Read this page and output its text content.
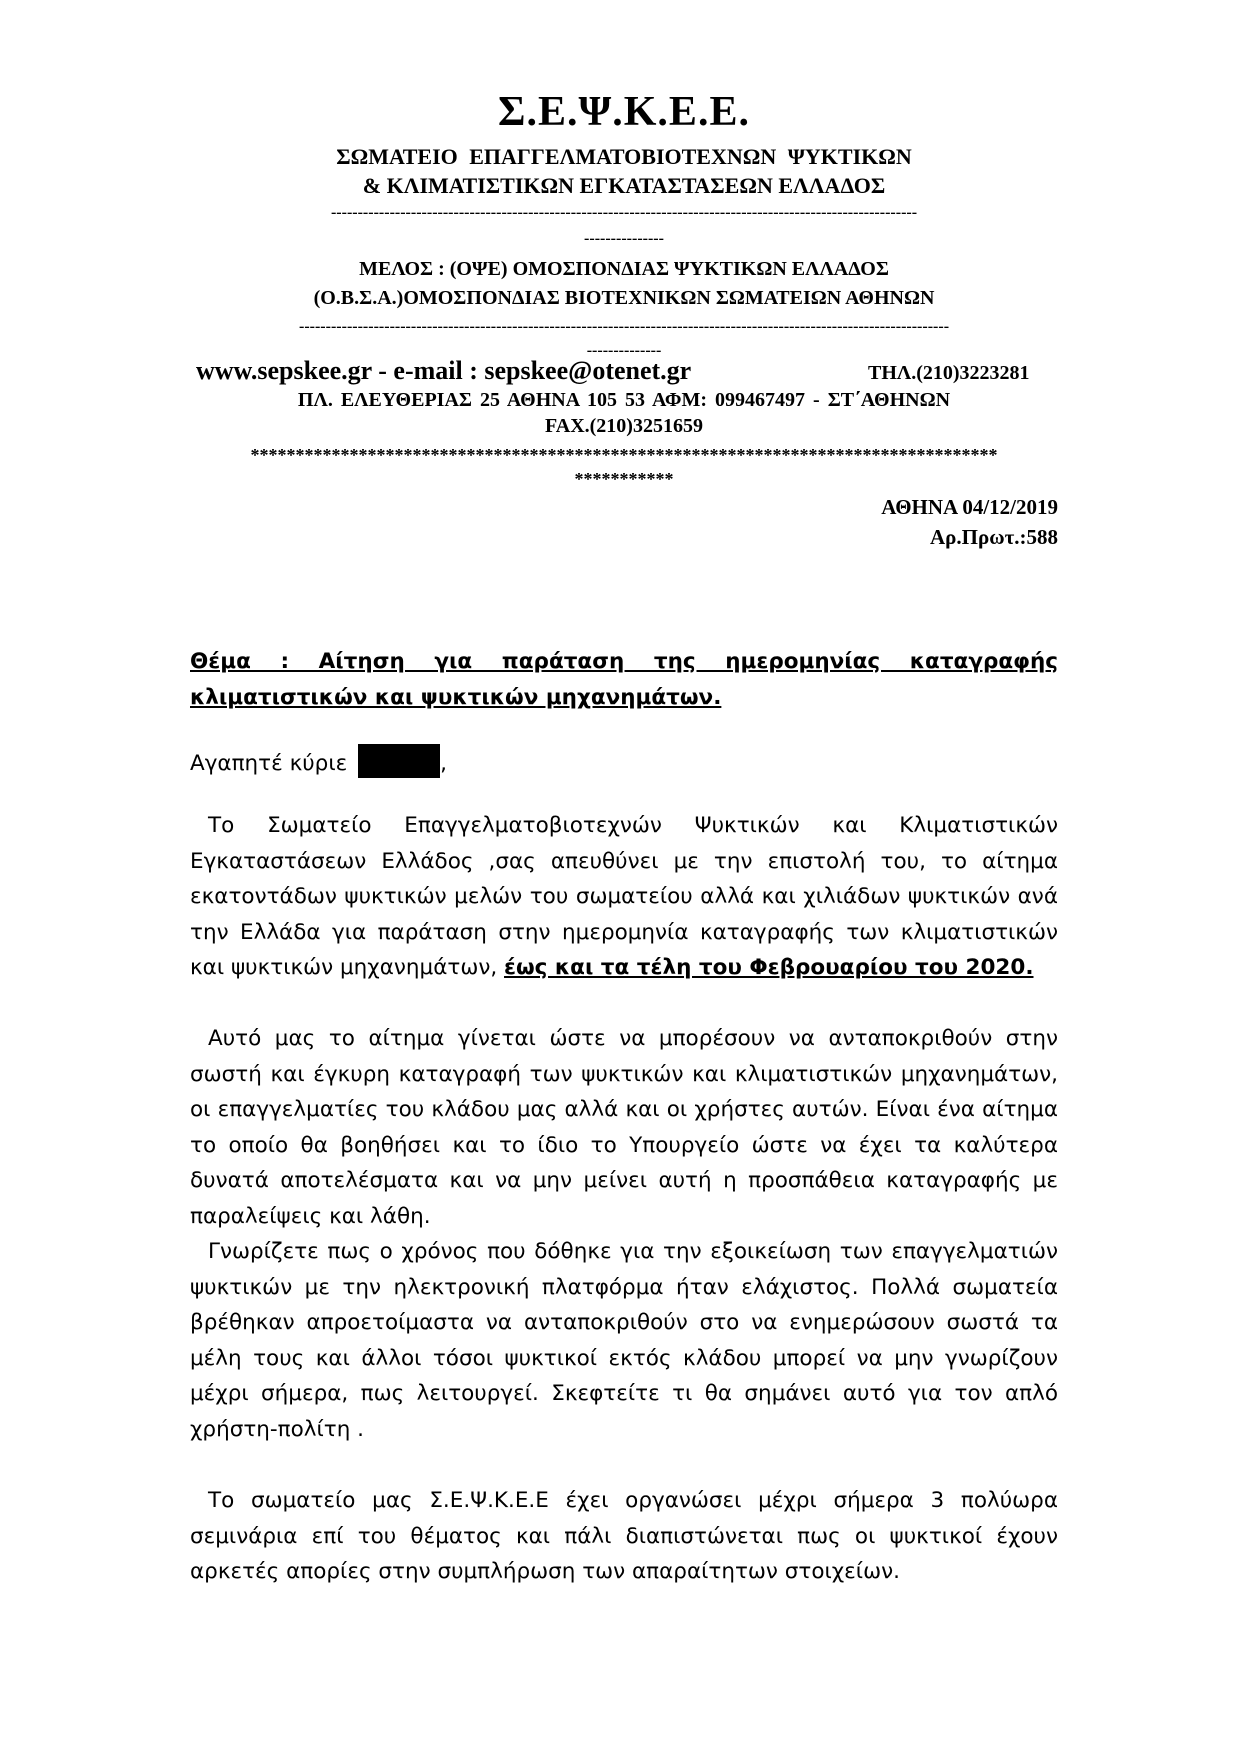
Σ.Ε.Ψ.Κ.Ε.Ε.
ΣΩΜΑΤΕΙΟ ΕΠΑΓΓΕΛΜΑΤΟΒΙΟΤΕΧΝΩΝ ΨΥΚΤΙΚΩΝ
& ΚΛΙΜΑΤΙΣΤΙΚΩΝ ΕΓΚΑΤΑΣΤΑΣΕΩΝ ΕΛΛΑΔΟΣ
--------------------------------------------------------------------------------------------------------------
---------------
ΜΕΛΟΣ : (ΟΨΕ) ΟΜΟΣΠΟΝΔΙΑΣ ΨΥΚΤΙΚΩΝ ΕΛΛΑΔΟΣ
(Ο.Β.Σ.Α.)ΟΜΟΣΠΟΝΔΙΑΣ ΒΙΟΤΕΧΝΙΚΩΝ ΣΩΜΑΤΕΙΩΝ ΑΘΗΝΩΝ
--------------------------------------------------------------------------------------------------------------------------
--------------
www.sepskee.gr - e-mail : sepskee@otenet.gr	ΤΗΛ.(210)3223281
ΠΛ. ΕΛΕΥΘΕΡΙΑΣ 25 ΑΘΗΝΑ 105 53 ΑΦΜ: 099467497 - ΣΤ΄ΑΘΗΝΩΝ
FAX.(210)3251659
***********************************************************************************
***********
ΑΘΗΝΑ 04/12/2019
Αρ.Πρωτ.:588
Θέμα : Αίτηση για παράταση της ημερομηνίας καταγραφής κλιματιστικών και ψυκτικών μηχανημάτων.
Αγαπητέ κύριε	,
Το Σωματείο Επαγγελματοβιοτεχνών Ψυκτικών και Κλιματιστικών Εγκαταστάσεων Ελλάδος ,σας απευθύνει με την επιστολή του, το αίτημα εκατοντάδων ψυκτικών μελών του σωματείου αλλά και χιλιάδων ψυκτικών ανά την Ελλάδα για παράταση στην ημερομηνία καταγραφής των κλιματιστικών και ψυκτικών μηχανημάτων, έως και τα τέλη του Φεβρουαρίου του 2020.
Αυτό μας το αίτημα γίνεται ώστε να μπορέσουν να ανταποκριθούν στην σωστή και έγκυρη καταγραφή των ψυκτικών και κλιματιστικών μηχανημάτων, οι επαγγελματίες του κλάδου μας αλλά και οι χρήστες αυτών. Είναι ένα αίτημα το οποίο θα βοηθήσει και το ίδιο το Υπουργείο ώστε να έχει τα καλύτερα δυνατά αποτελέσματα και να μην μείνει αυτή η προσπάθεια καταγραφής με παραλείψεις και λάθη.
Γνωρίζετε πως ο χρόνος που δόθηκε για την εξοικείωση των επαγγελματιών ψυκτικών με την ηλεκτρονική πλατφόρμα ήταν ελάχιστος. Πολλά σωματεία βρέθηκαν απροετοίμαστα να ανταποκριθούν στο να ενημερώσουν σωστά τα μέλη τους και άλλοι τόσοι ψυκτικοί εκτός κλάδου μπορεί να μην γνωρίζουν μέχρι σήμερα, πως λειτουργεί. Σκεφτείτε τι θα σημάνει αυτό για τον απλό χρήστη-πολίτη .
Το σωματείο μας Σ.Ε.Ψ.Κ.Ε.Ε έχει οργανώσει μέχρι σήμερα 3 πολύωρα σεμινάρια επί του θέματος και πάλι διαπιστώνεται πως οι ψυκτικοί έχουν αρκετές απορίες στην συμπλήρωση των απαραίτητων στοιχείων.
